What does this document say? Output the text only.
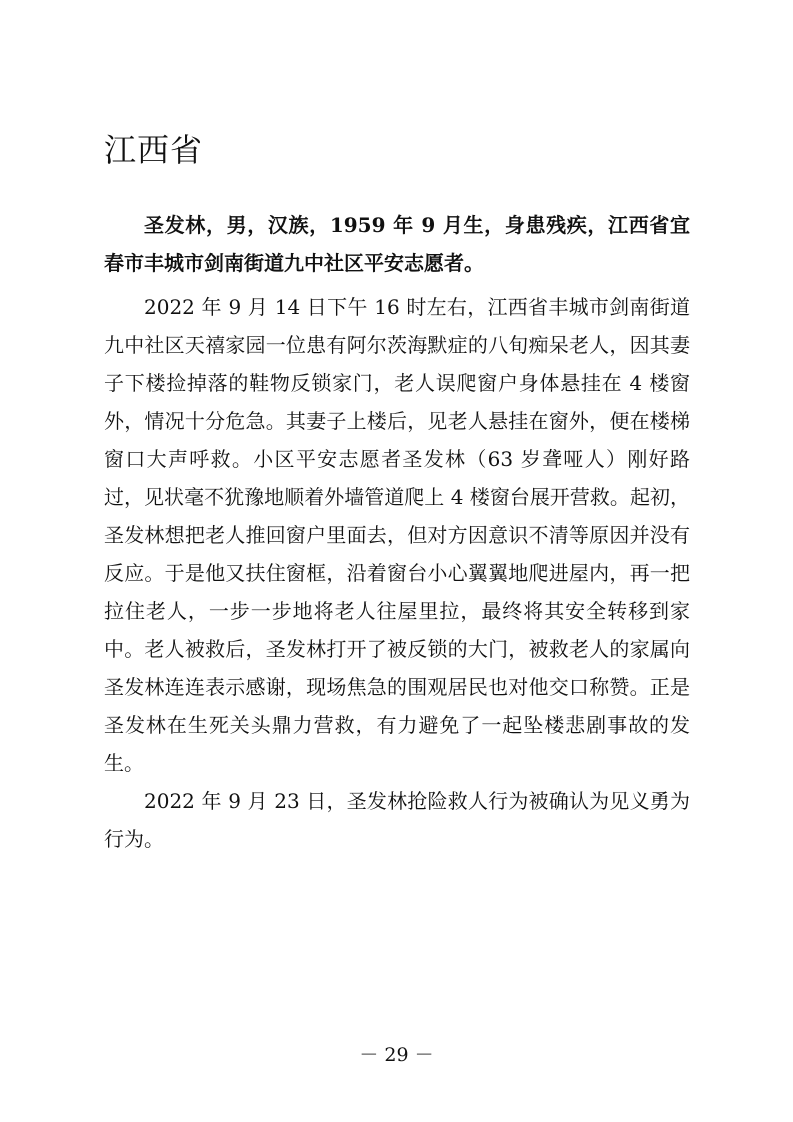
江西省

圣发林，男，汉族，1959 年 9 月生，身患残疾，江西省宜春市丰城市剑南街道九中社区平安志愿者。

2022 年 9 月 14 日下午 16 时左右，江西省丰城市剑南街道九中社区天禧家园一位患有阿尔茨海默症的八旬痴呆老人，因其妻子下楼捡掉落的鞋物反锁家门，老人误爬窗户身体悬挂在 4 楼窗外，情况十分危急。其妻子上楼后，见老人悬挂在窗外，便在楼梯窗口大声呼救。小区平安志愿者圣发林（63 岁聋哑人）刚好路过，见状毫不犹豫地顺着外墙管道爬上 4 楼窗台展开营救。起初，圣发林想把老人推回窗户里面去，但对方因意识不清等原因并没有反应。于是他又扶住窗框，沿着窗台小心翼翼地爬进屋内，再一把拉住老人，一步一步地将老人往屋里拉，最终将其安全转移到家中。老人被救后，圣发林打开了被反锁的大门，被救老人的家属向圣发林连连表示感谢，现场焦急的围观居民也对他交口称赞。正是圣发林在生死关头鼎力营救，有力避免了一起坠楼悲剧事故的发生。

2022 年 9 月 23 日，圣发林抢险救人行为被确认为见义勇为行为。

－ 29 －
